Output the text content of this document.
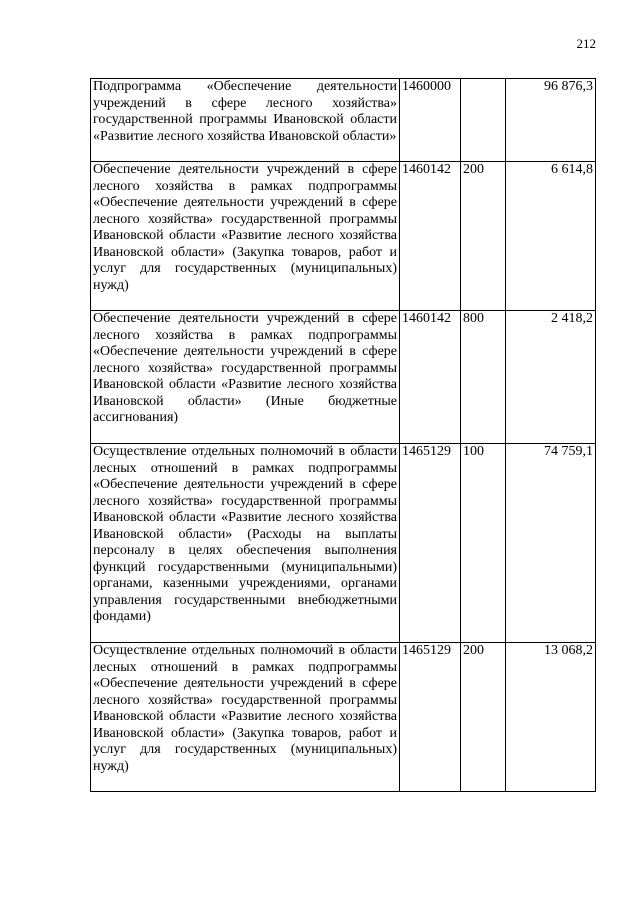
212
Подпрограмма «Обеспечение деятельности учреждений в сфере лесного хозяйства» государственной программы Ивановской области «Развитие лесного хозяйства Ивановской области»	1460000		96 876,3
Обеспечение деятельности учреждений в сфере лесного хозяйства в рамках подпрограммы «Обеспечение деятельности учреждений в сфере лесного хозяйства» государственной программы Ивановской области «Развитие лесного хозяйства Ивановской области» (Закупка товаров, работ и услуг для государственных (муниципальных) нужд)	1460142	200	6 614,8
Обеспечение деятельности учреждений в сфере лесного хозяйства в рамках подпрограммы «Обеспечение деятельности учреждений в сфере лесного хозяйства» государственной программы Ивановской области «Развитие лесного хозяйства Ивановской области» (Иные бюджетные ассигнования)	1460142	800	2 418,2
Осуществление отдельных полномочий в области лесных отношений в рамках подпрограммы «Обеспечение деятельности учреждений в сфере лесного хозяйства» государственной программы Ивановской области «Развитие лесного хозяйства Ивановской области» (Расходы на выплаты персоналу в целях обеспечения выполнения функций государственными (муниципальными) органами, казенными учреждениями, органами управления государственными внебюджетными фондами)	1465129	100	74 759,1
Осуществление отдельных полномочий в области лесных отношений в рамках подпрограммы «Обеспечение деятельности учреждений в сфере лесного хозяйства» государственной программы Ивановской области «Развитие лесного хозяйства Ивановской области» (Закупка товаров, работ и услуг для государственных (муниципальных) нужд)	1465129	200	13 068,2
